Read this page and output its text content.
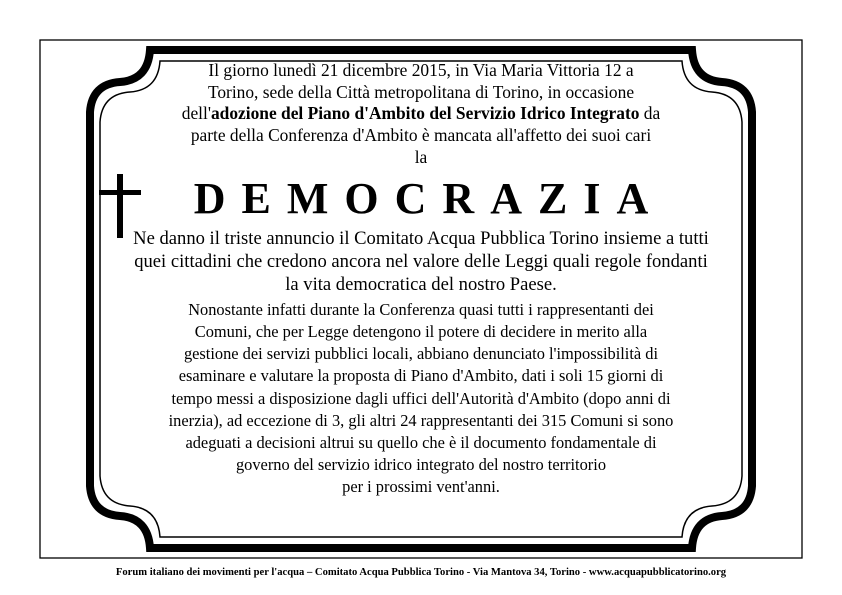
Il giorno lunedì 21 dicembre 2015, in Via Maria Vittoria 12 a
Torino, sede della Città metropolitana di Torino, in occasione
dell'adozione del Piano d'Ambito del Servizio Idrico Integrato da
parte della Conferenza d'Ambito è mancata all'affetto dei suoi cari
la
DEMOCRAZIA
Ne danno il triste annuncio il Comitato Acqua Pubblica Torino insieme a tutti
quei cittadini che credono ancora nel valore delle Leggi quali regole fondanti
la vita democratica del nostro Paese.
Nonostante infatti durante la Conferenza quasi tutti i rappresentanti dei
Comuni, che per Legge detengono il potere di decidere in merito alla
gestione dei servizi pubblici locali, abbiano denunciato l'impossibilità di
esaminare e valutare la proposta di Piano d'Ambito, dati i soli 15 giorni di
tempo messi a disposizione dagli uffici dell'Autorità d'Ambito (dopo anni di
inerzia), ad eccezione di 3, gli altri 24 rappresentanti dei 315 Comuni si sono
adeguati a decisioni altrui su quello che è il documento fondamentale di
governo del servizio idrico integrato del nostro territorio
per i prossimi vent'anni.
Forum italiano dei movimenti per l'acqua – Comitato Acqua Pubblica Torino - Via Mantova 34, Torino - www.acquapubblicatorino.org
